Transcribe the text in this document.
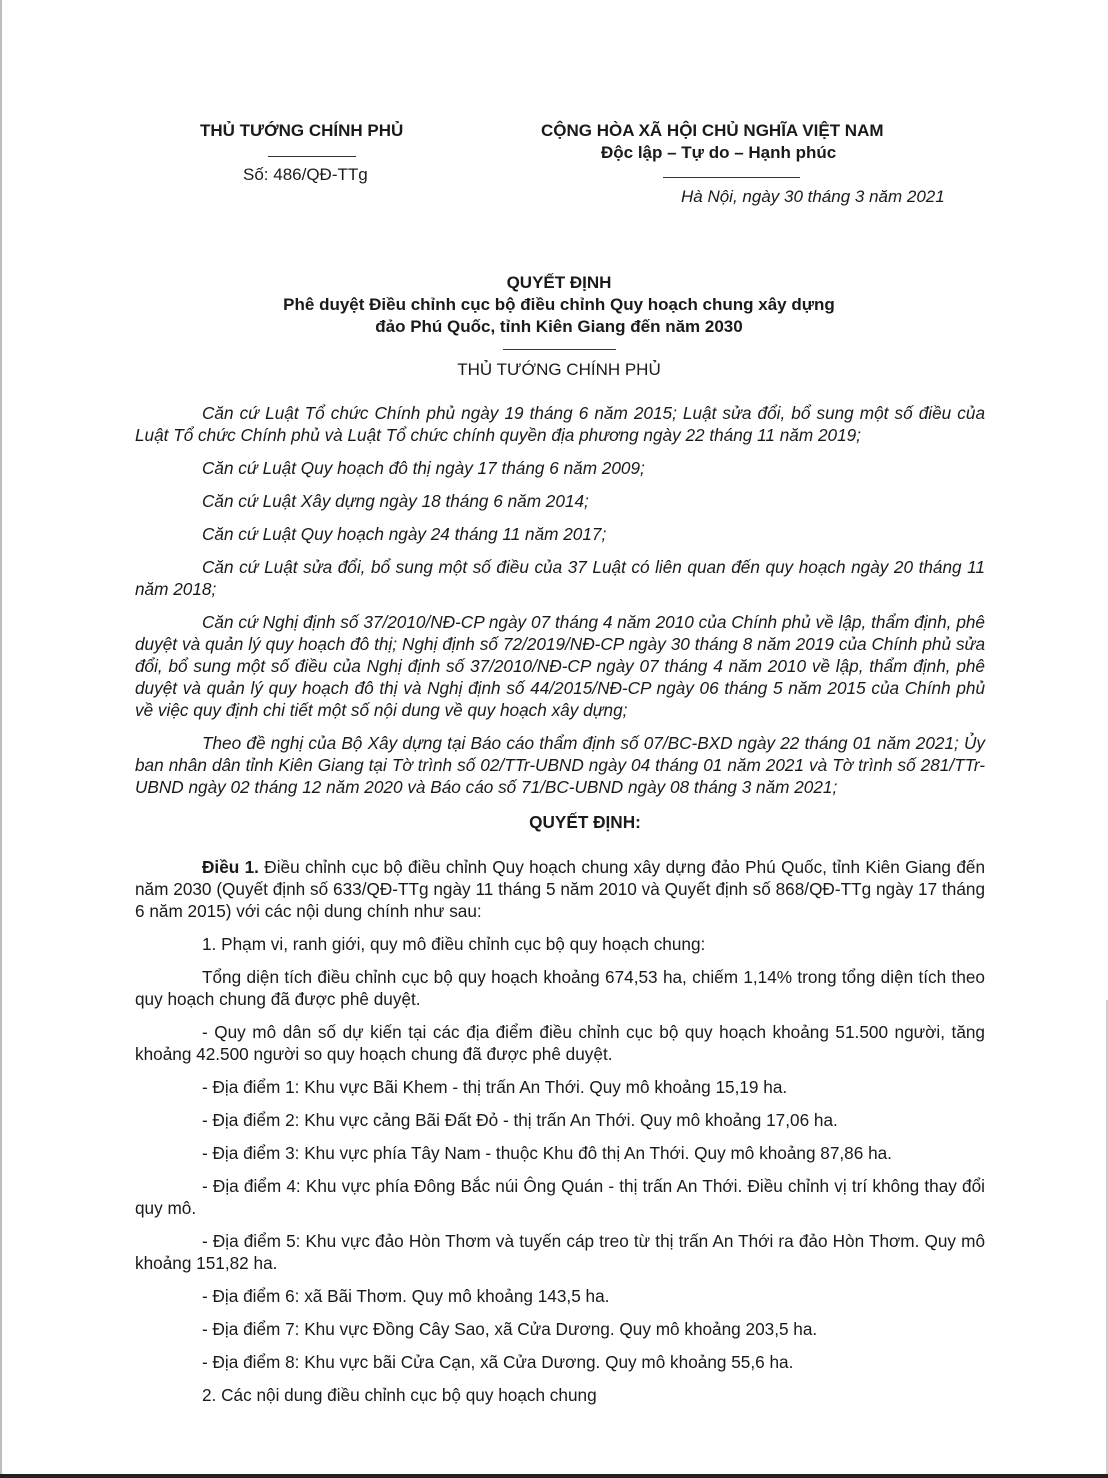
THỦ TƯỚNG CHÍNH PHỦ
Số: 486/QĐ-TTg
CỘNG HÒA XÃ HỘI CHỦ NGHĨA VIỆT NAM
Độc lập – Tự do – Hạnh phúc
Hà Nội, ngày 30 tháng 3 năm 2021
QUYẾT ĐỊNH
Phê duyệt Điều chỉnh cục bộ điều chỉnh Quy hoạch chung xây dựng
đảo Phú Quốc, tỉnh Kiên Giang đến năm 2030
THỦ TƯỚNG CHÍNH PHỦ

Căn cứ Luật Tổ chức Chính phủ ngày 19 tháng 6 năm 2015; Luật sửa đổi, bổ sung một số điều của Luật Tổ chức Chính phủ và Luật Tổ chức chính quyền địa phương ngày 22 tháng 11 năm 2019;

Căn cứ Luật Quy hoạch đô thị ngày 17 tháng 6 năm 2009;

Căn cứ Luật Xây dựng ngày 18 tháng 6 năm 2014;

Căn cứ Luật Quy hoạch ngày 24 tháng 11 năm 2017;

Căn cứ Luật sửa đổi, bổ sung một số điều của 37 Luật có liên quan đến quy hoạch ngày 20 tháng 11 năm 2018;

Căn cứ Nghị định số 37/2010/NĐ-CP ngày 07 tháng 4 năm 2010 của Chính phủ về lập, thẩm định, phê duyệt và quản lý quy hoạch đô thị; Nghị định số 72/2019/NĐ-CP ngày 30 tháng 8 năm 2019 của Chính phủ sửa đổi, bổ sung một số điều của Nghị định số 37/2010/NĐ-CP ngày 07 tháng 4 năm 2010 về lập, thẩm định, phê duyệt và quản lý quy hoạch đô thị và Nghị định số 44/2015/NĐ-CP ngày 06 tháng 5 năm 2015 của Chính phủ về việc quy định chi tiết một số nội dung về quy hoạch xây dựng;

Theo đề nghị của Bộ Xây dựng tại Báo cáo thẩm định số 07/BC-BXD ngày 22 tháng 01 năm 2021; Ủy ban nhân dân tỉnh Kiên Giang tại Tờ trình số 02/TTr-UBND ngày 04 tháng 01 năm 2021 và Tờ trình số 281/TTr-UBND ngày 02 tháng 12 năm 2020 và Báo cáo số 71/BC-UBND ngày 08 tháng 3 năm 2021;

QUYẾT ĐỊNH:

Điều 1. Điều chỉnh cục bộ điều chỉnh Quy hoạch chung xây dựng đảo Phú Quốc, tỉnh Kiên Giang đến năm 2030 (Quyết định số 633/QĐ-TTg ngày 11 tháng 5 năm 2010 và Quyết định số 868/QĐ-TTg ngày 17 tháng 6 năm 2015) với các nội dung chính như sau:

1. Phạm vi, ranh giới, quy mô điều chỉnh cục bộ quy hoạch chung:

Tổng diện tích điều chỉnh cục bộ quy hoạch khoảng 674,53 ha, chiếm 1,14% trong tổng diện tích theo quy hoạch chung đã được phê duyệt.

- Quy mô dân số dự kiến tại các địa điểm điều chỉnh cục bộ quy hoạch khoảng 51.500 người, tăng khoảng 42.500 người so quy hoạch chung đã được phê duyệt.

- Địa điểm 1: Khu vực Bãi Khem - thị trấn An Thới. Quy mô khoảng 15,19 ha.

- Địa điểm 2: Khu vực cảng Bãi Đất Đỏ - thị trấn An Thới. Quy mô khoảng 17,06 ha.

- Địa điểm 3: Khu vực phía Tây Nam - thuộc Khu đô thị An Thới. Quy mô khoảng 87,86 ha.

- Địa điểm 4: Khu vực phía Đông Bắc núi Ông Quán - thị trấn An Thới. Điều chỉnh vị trí không thay đổi quy mô.

- Địa điểm 5: Khu vực đảo Hòn Thơm và tuyến cáp treo từ thị trấn An Thới ra đảo Hòn Thơm. Quy mô khoảng 151,82 ha.

- Địa điểm 6: xã Bãi Thơm. Quy mô khoảng 143,5 ha.

- Địa điểm 7: Khu vực Đồng Cây Sao, xã Cửa Dương. Quy mô khoảng 203,5 ha.

- Địa điểm 8: Khu vực bãi Cửa Cạn, xã Cửa Dương. Quy mô khoảng 55,6 ha.

2. Các nội dung điều chỉnh cục bộ quy hoạch chung
